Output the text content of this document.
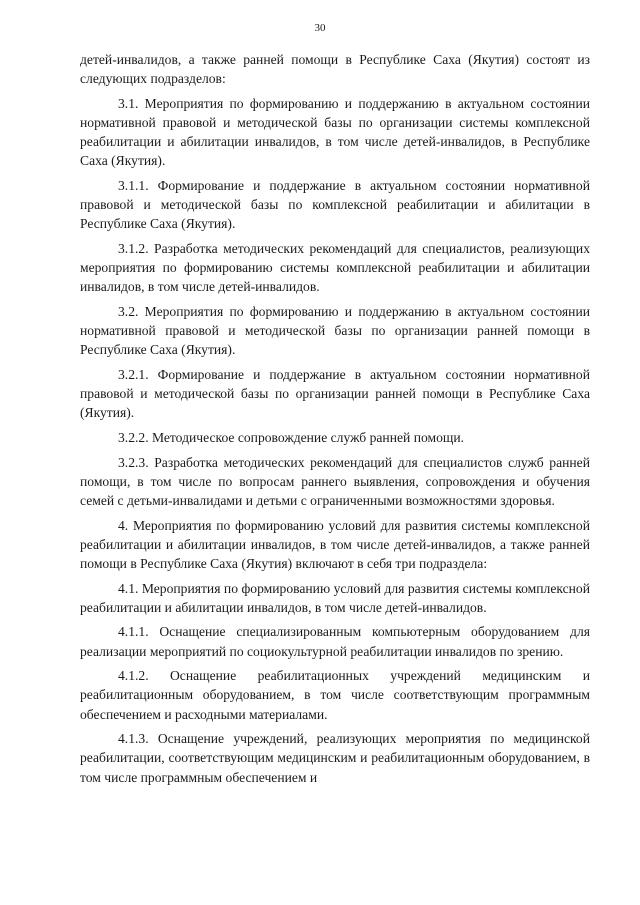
30

детей-инвалидов, а также ранней помощи в Республике Саха (Якутия) состоят из следующих подразделов:

3.1. Мероприятия по формированию и поддержанию в актуальном состоянии нормативной правовой и методической базы по организации системы комплексной реабилитации и абилитации инвалидов, в том числе детей-инвалидов, в Республике Саха (Якутия).

3.1.1. Формирование и поддержание в актуальном состоянии нормативной правовой и методической базы по комплексной реабилитации и абилитации в Республике Саха (Якутия).

3.1.2. Разработка методических рекомендаций для специалистов, реализующих мероприятия по формированию системы комплексной реабилитации и абилитации инвалидов, в том числе детей-инвалидов.

3.2. Мероприятия по формированию и поддержанию в актуальном состоянии нормативной правовой и методической базы по организации ранней помощи в Республике Саха (Якутия).

3.2.1. Формирование и поддержание в актуальном состоянии нормативной правовой и методической базы по организации ранней помощи в Республике Саха (Якутия).

3.2.2. Методическое сопровождение служб ранней помощи.

3.2.3. Разработка методических рекомендаций для специалистов служб ранней помощи, в том числе по вопросам раннего выявления, сопровождения и обучения семей с детьми-инвалидами и детьми с ограниченными возможностями здоровья.

4. Мероприятия по формированию условий для развития системы комплексной реабилитации и абилитации инвалидов, в том числе детей-инвалидов, а также ранней помощи в Республике Саха (Якутия) включают в себя три подраздела:

4.1. Мероприятия по формированию условий для развития системы комплексной реабилитации и абилитации инвалидов, в том числе детей-инвалидов.

4.1.1. Оснащение специализированным компьютерным оборудованием для реализации мероприятий по социокультурной реабилитации инвалидов по зрению.

4.1.2. Оснащение реабилитационных учреждений медицинским и реабилитационным оборудованием, в том числе соответствующим программным обеспечением и расходными материалами.

4.1.3. Оснащение учреждений, реализующих мероприятия по медицинской реабилитации, соответствующим медицинским и реабилитационным оборудованием, в том числе программным обеспечением и
